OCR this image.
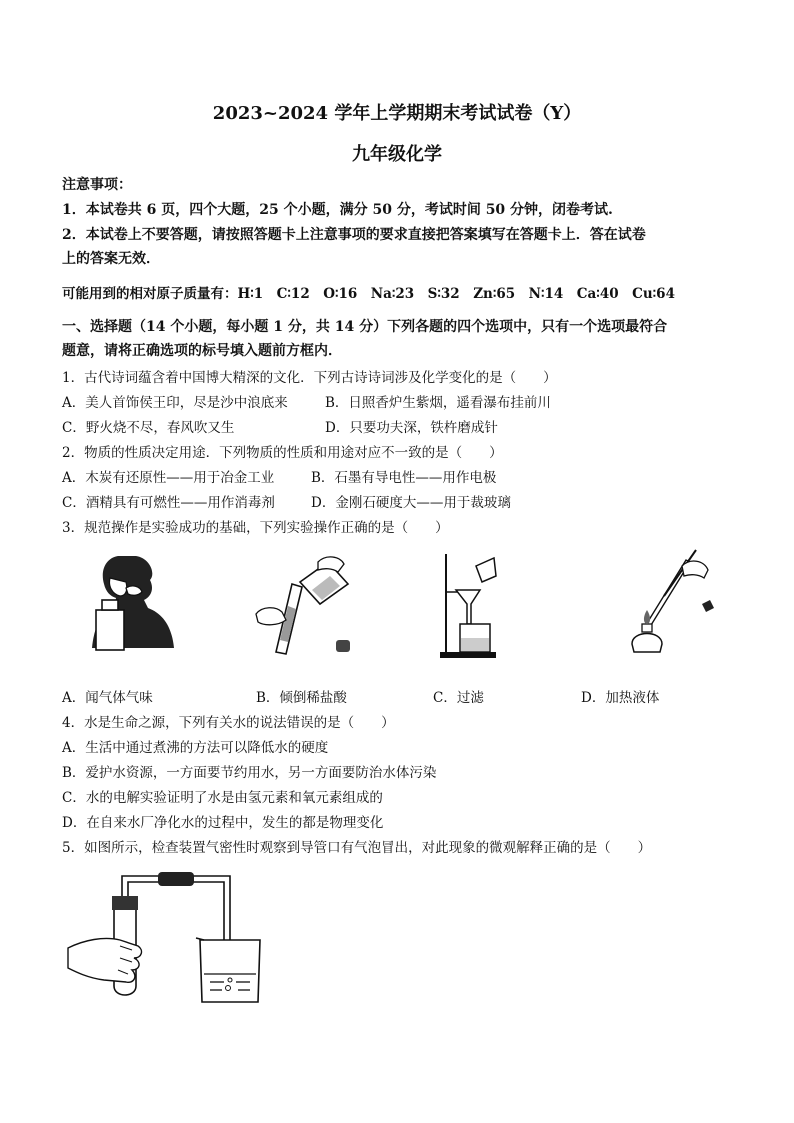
2023~2024 学年上学期期末考试试卷（Y）
九年级化学
注意事项：
1．本试卷共 6 页，四个大题，25 个小题，满分 50 分，考试时间 50 分钟，闭卷考试.
2．本试卷上不要答题，请按照答题卡上注意事项的要求直接把答案填写在答题卡上．答在试卷
上的答案无效．
可能用到的相对原子质量有：H∶1　C∶12　O∶16　Na∶23　S∶32　Zn∶65　N∶14　Ca∶40　Cu∶64
一、选择题（14 个小题，每小题 1 分，共 14 分）下列各题的四个选项中，只有一个选项最符合
题意，请将正确选项的标号填入题前方框内．
1．古代诗词蕴含着中国博大精深的文化．下列古诗诗词涉及化学变化的是（　　）
A．美人首饰侯王印，尽是沙中浪底来	B．日照香炉生紫烟，遥看瀑布挂前川
C．野火烧不尽，春风吹又生	D．只要功夫深，铁杵磨成针
2．物质的性质决定用途．下列物质的性质和用途对应不一致的是（　　）
A．木炭有还原性——用于冶金工业	B．石墨有导电性——用作电极
C．酒精具有可燃性——用作消毒剂	D．金刚石硬度大——用于裁玻璃
3．规范操作是实验成功的基础，下列实验操作正确的是（　　）
A．闻气体气味	B．倾倒稀盐酸	C．过滤	D．加热液体
4．水是生命之源，下列有关水的说法错误的是（　　）
A．生活中通过煮沸的方法可以降低水的硬度
B．爱护水资源，一方面要节约用水，另一方面要防治水体污染
C．水的电解实验证明了水是由氢元素和氧元素组成的
D．在自来水厂净化水的过程中，发生的都是物理变化
5．如图所示，检查装置气密性时观察到导管口有气泡冒出，对此现象的微观解释正确的是（　　）
